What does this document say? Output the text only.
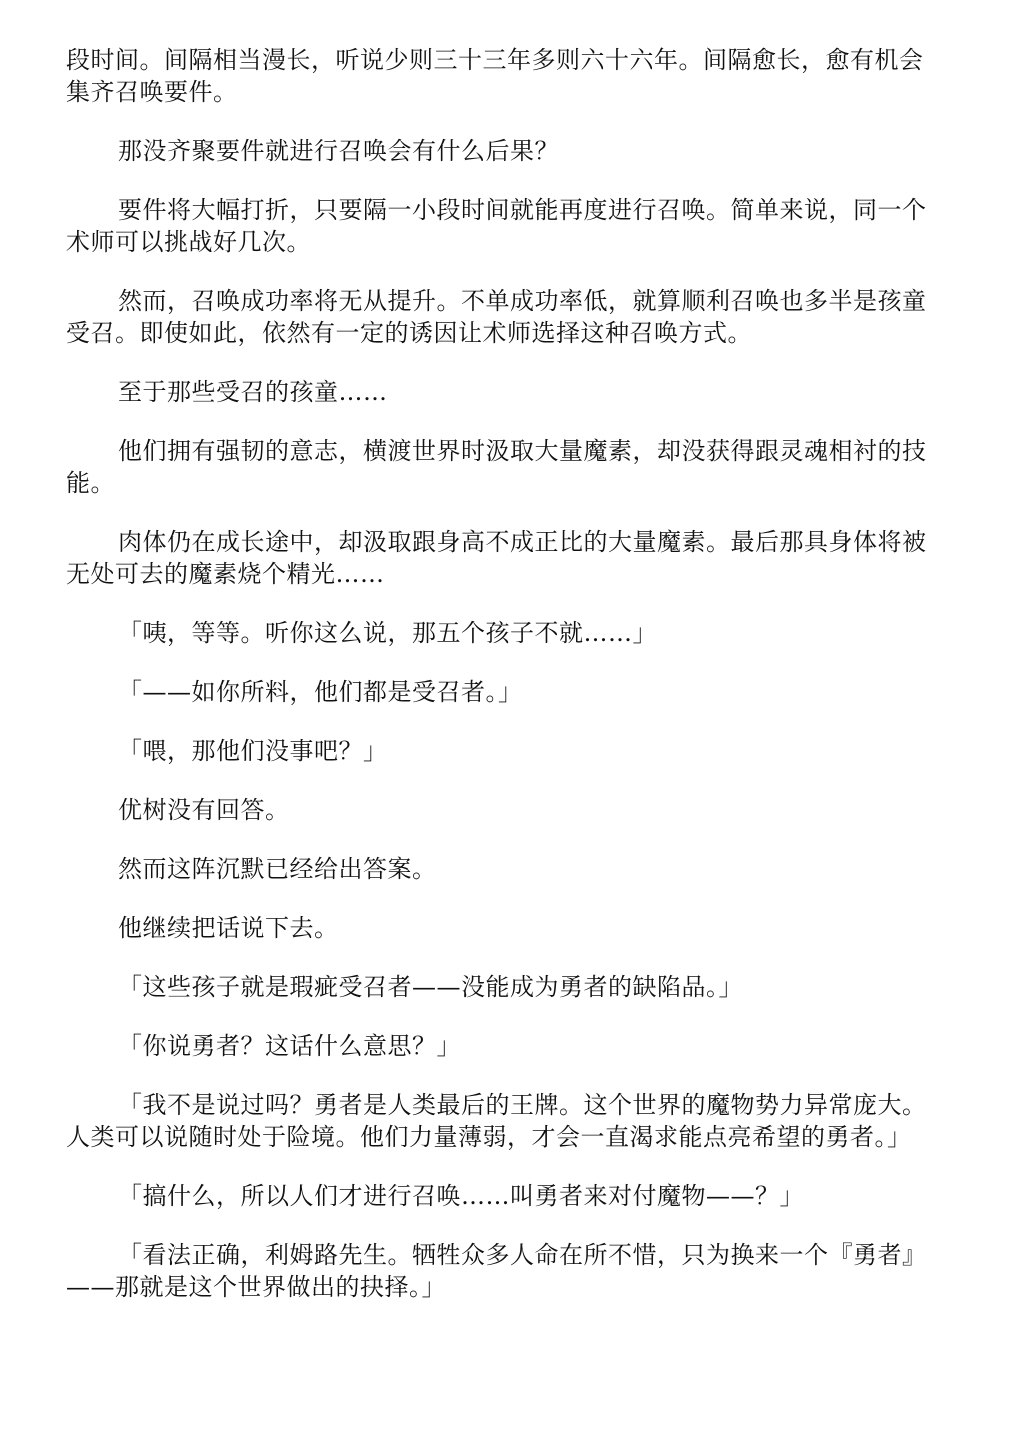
段时间。间隔相当漫长，听说少则三十三年多则六十六年。间隔愈长，愈有机会集齐召唤要件。

那没齐聚要件就进行召唤会有什么后果？

要件将大幅打折，只要隔一小段时间就能再度进行召唤。简单来说，同一个术师可以挑战好几次。

然而，召唤成功率将无从提升。不单成功率低，就算顺利召唤也多半是孩童受召。即使如此，依然有一定的诱因让术师选择这种召唤方式。

至于那些受召的孩童……

他们拥有强韧的意志，横渡世界时汲取大量魔素，却没获得跟灵魂相衬的技能。

肉体仍在成长途中，却汲取跟身高不成正比的大量魔素。最后那具身体将被无处可去的魔素烧个精光……

「咦，等等。听你这么说，那五个孩子不就……」

「——如你所料，他们都是受召者。」

「喂，那他们没事吧？」

优树没有回答。

然而这阵沉默已经给出答案。

他继续把话说下去。

「这些孩子就是瑕疵受召者——没能成为勇者的缺陷品。」

「你说勇者？这话什么意思？」

「我不是说过吗？勇者是人类最后的王牌。这个世界的魔物势力异常庞大。人类可以说随时处于险境。他们力量薄弱，才会一直渴求能点亮希望的勇者。」

「搞什么，所以人们才进行召唤……叫勇者来对付魔物——？」

「看法正确，利姆路先生。牺牲众多人命在所不惜，只为换来一个『勇者』——那就是这个世界做出的抉择。」
